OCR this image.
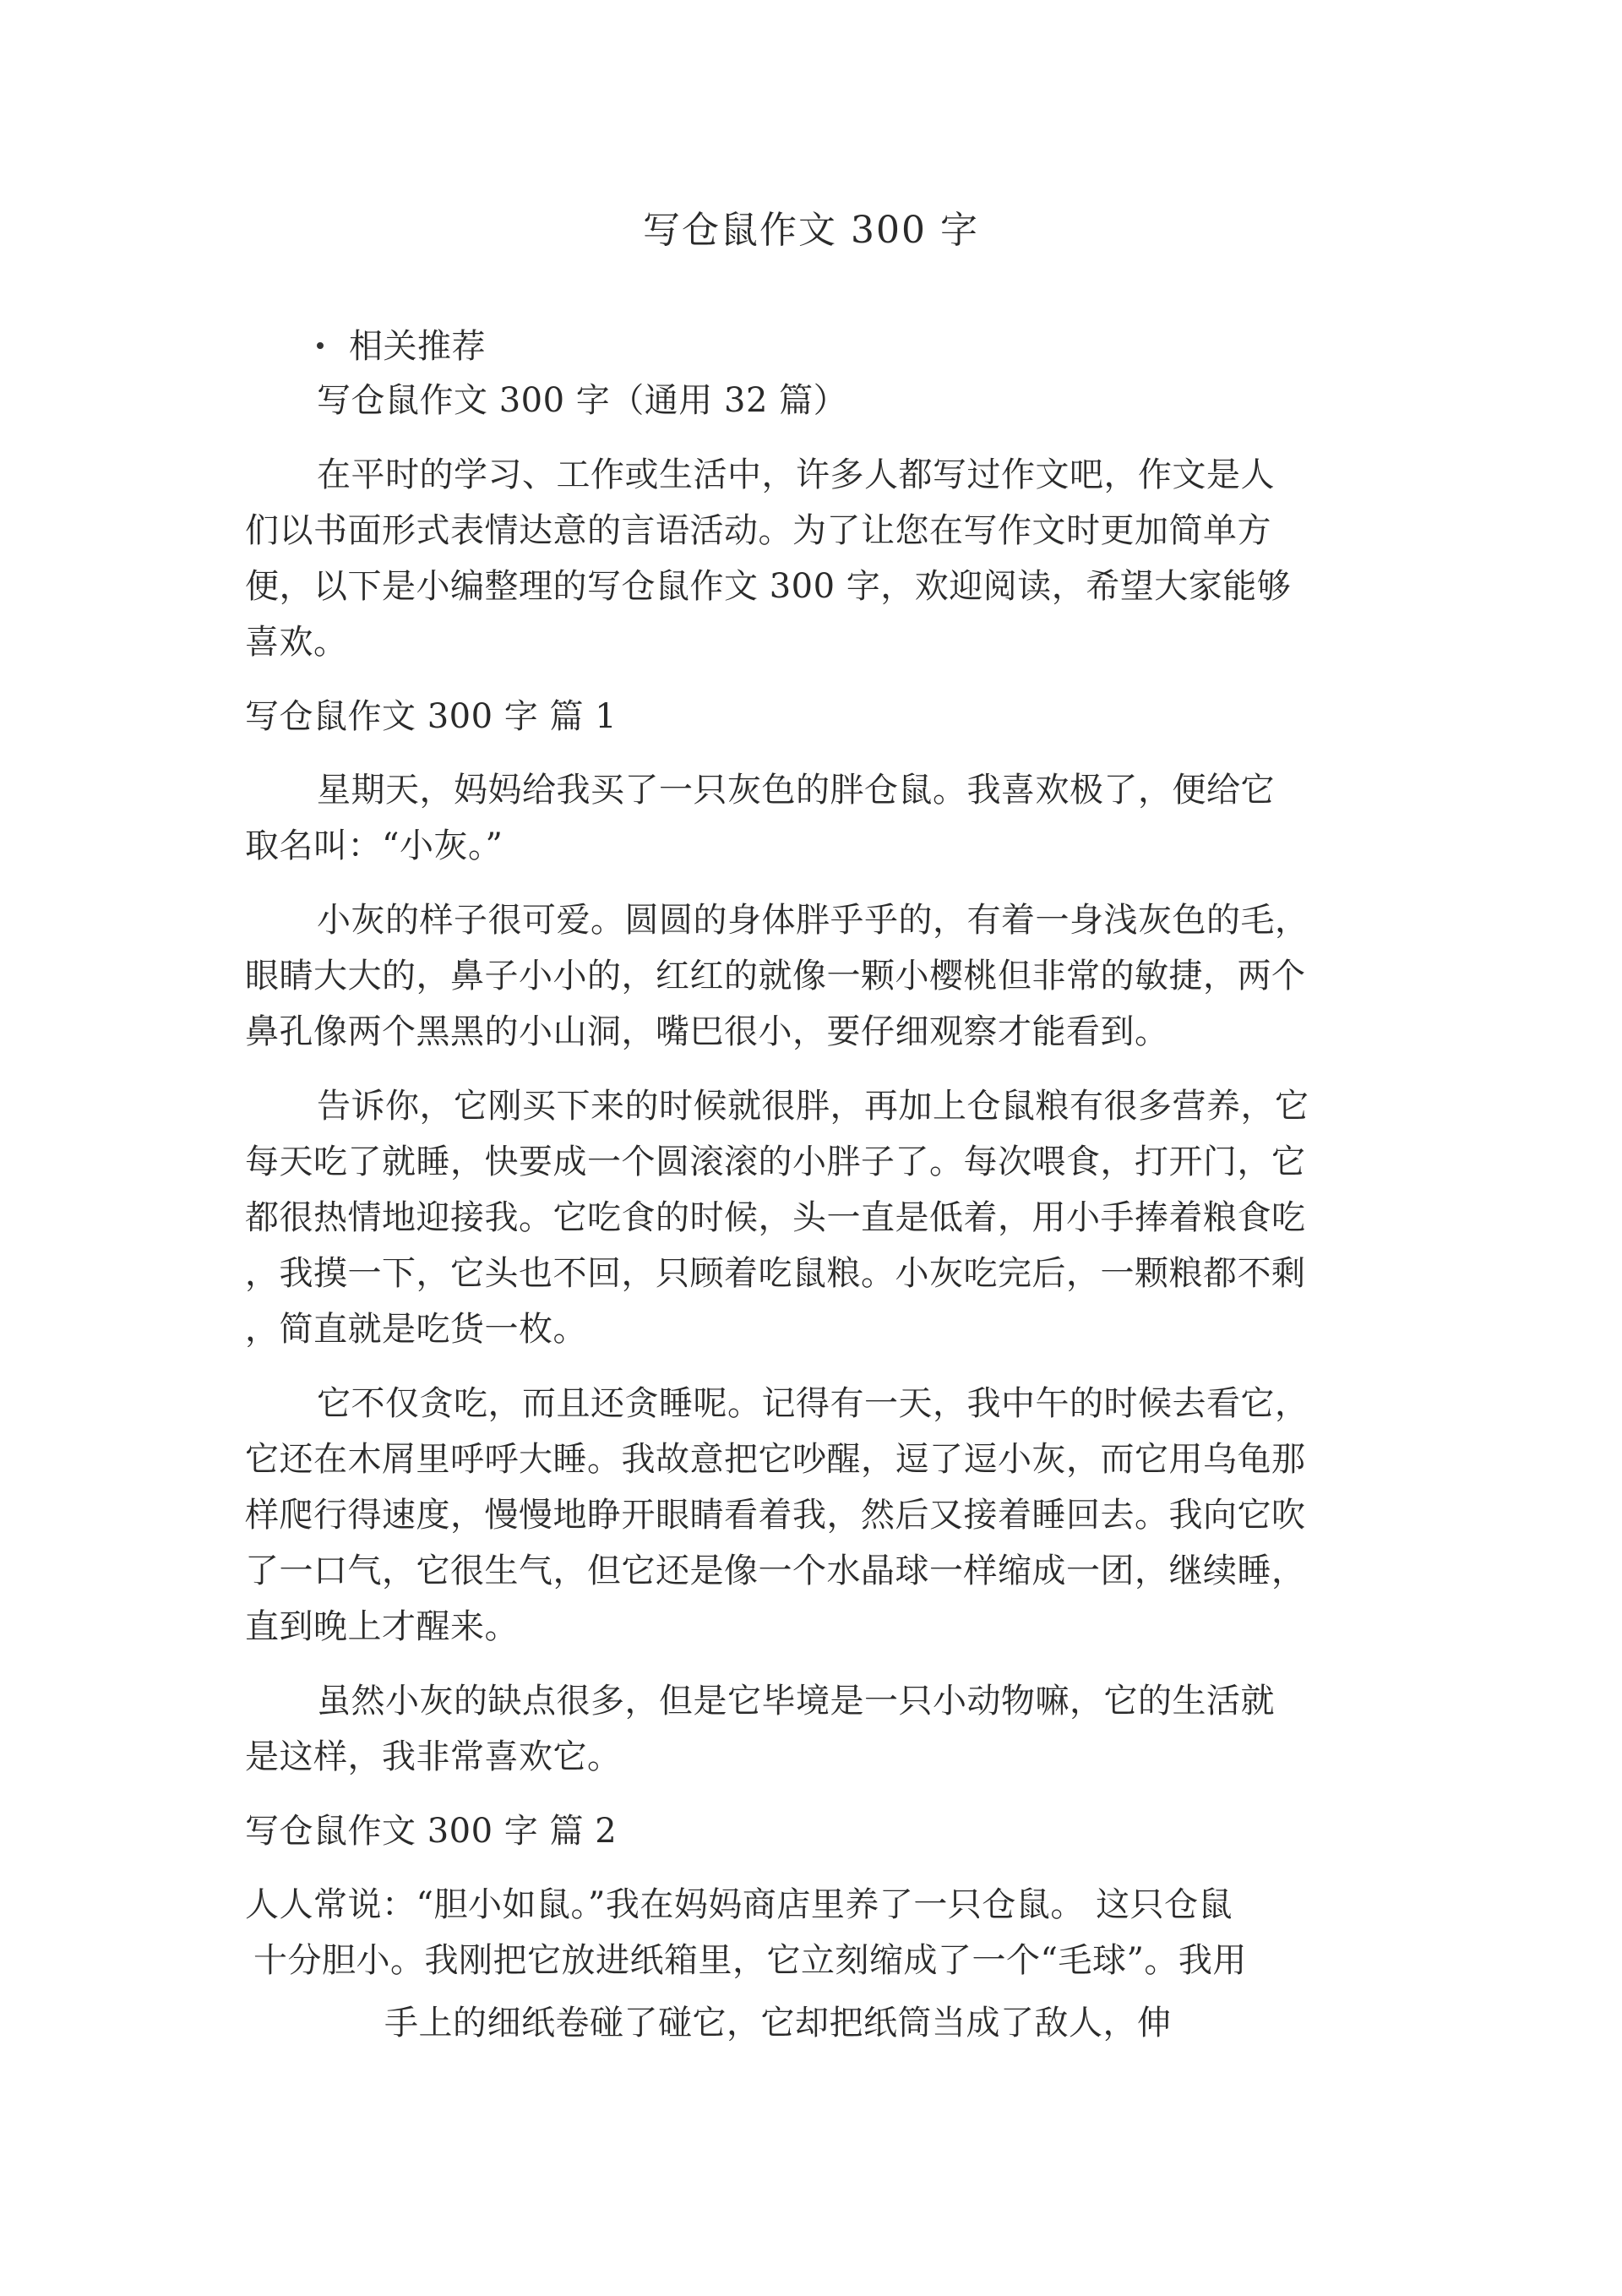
写仓鼠作文 300 字
相关推荐
写仓鼠作文 300 字（通用 32 篇）
在平时的学习、工作或生活中，许多人都写过作文吧，作文是人
们以书面形式表情达意的言语活动。为了让您在写作文时更加简单方
便，以下是小编整理的写仓鼠作文 300 字，欢迎阅读，希望大家能够
喜欢。
写仓鼠作文 300 字 篇 1
星期天，妈妈给我买了一只灰色的胖仓鼠。我喜欢极了，便给它
取名叫：“小灰。”
小灰的样子很可爱。圆圆的身体胖乎乎的，有着一身浅灰色的毛，
眼睛大大的，鼻子小小的，红红的就像一颗小樱桃但非常的敏捷，两个
鼻孔像两个黑黑的小山洞，嘴巴很小，要仔细观察才能看到。
告诉你，它刚买下来的时候就很胖，再加上仓鼠粮有很多营养，它
每天吃了就睡，快要成一个圆滚滚的小胖子了。每次喂食，打开门，它
都很热情地迎接我。它吃食的时候，头一直是低着，用小手捧着粮食吃
，我摸一下，它头也不回，只顾着吃鼠粮。小灰吃完后，一颗粮都不剩
，简直就是吃货一枚。
它不仅贪吃，而且还贪睡呢。记得有一天，我中午的时候去看它，
它还在木屑里呼呼大睡。我故意把它吵醒，逗了逗小灰，而它用乌龟那
样爬行得速度，慢慢地睁开眼睛看着我，然后又接着睡回去。我向它吹
了一口气，它很生气，但它还是像一个水晶球一样缩成一团，继续睡，
直到晚上才醒来。
虽然小灰的缺点很多，但是它毕境是一只小动物嘛，它的生活就
是这样，我非常喜欢它。
写仓鼠作文 300 字 篇 2
人人常说：“胆小如鼠。”我在妈妈商店里养了一只仓鼠。 这只仓鼠
十分胆小。我刚把它放进纸箱里，它立刻缩成了一个“毛球”。我用
手上的细纸卷碰了碰它，它却把纸筒当成了敌人，伸
